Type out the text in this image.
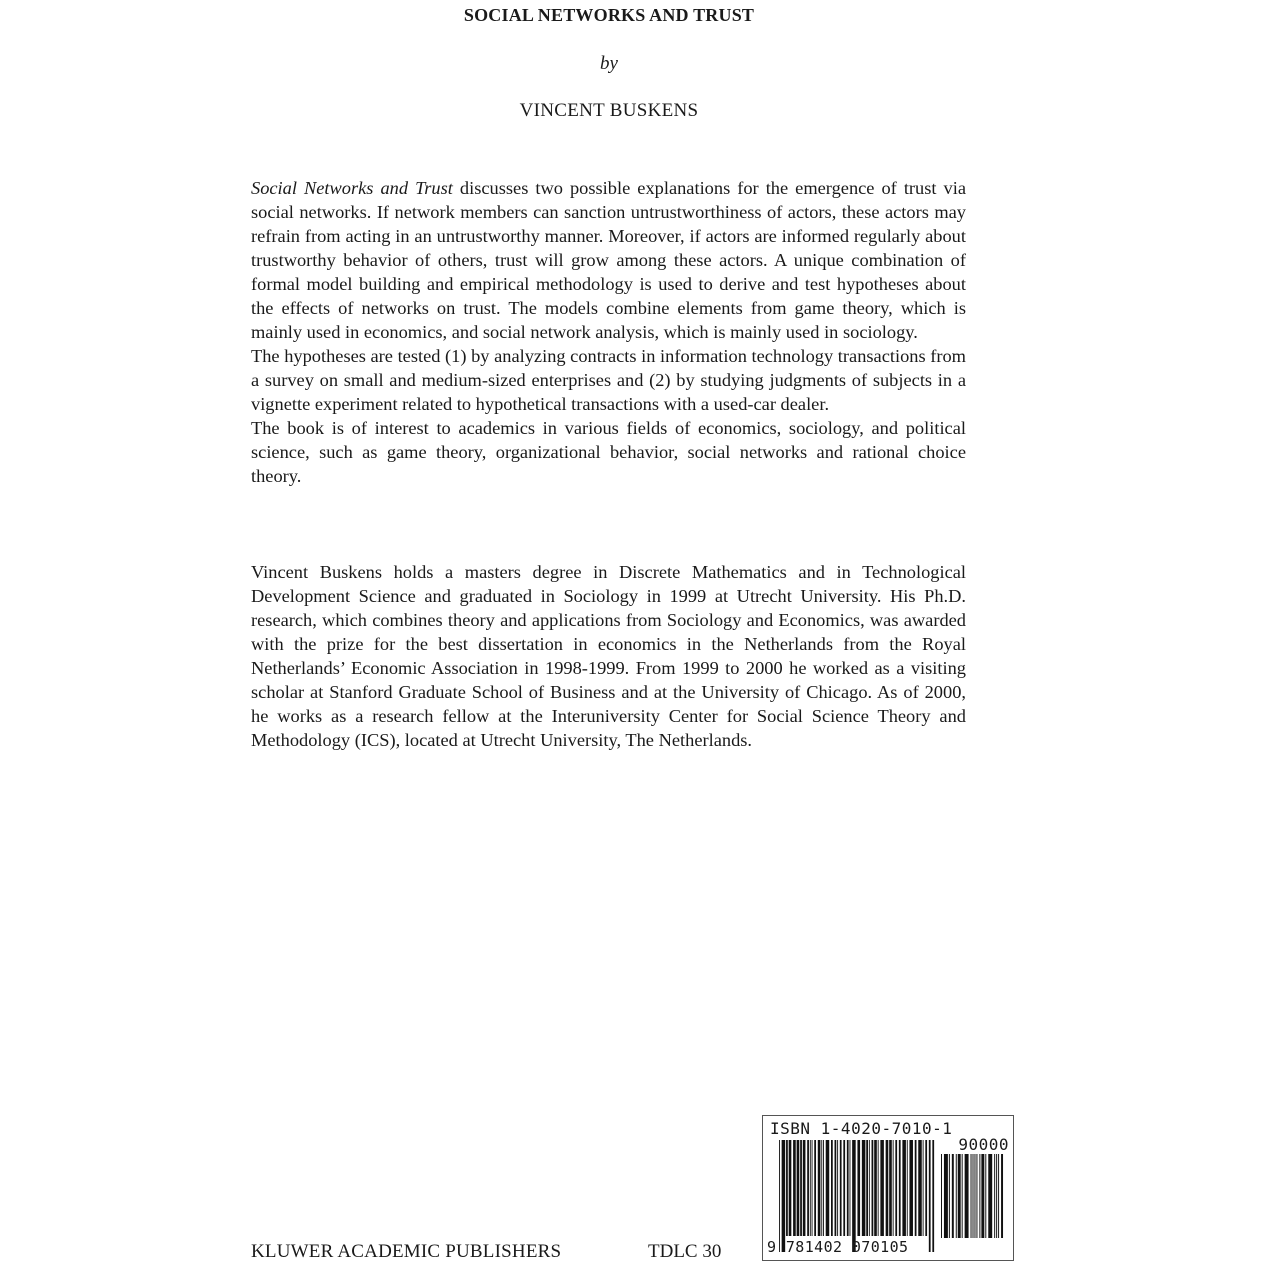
SOCIAL NETWORKS AND TRUST
by
VINCENT BUSKENS

Social Networks and Trust discusses two possible explanations for the emergence of trust via social networks. If network members can sanction untrustworthiness of actors, these actors may refrain from acting in an untrustworthy manner. Moreover, if actors are informed regularly about trustworthy behavior of others, trust will grow among these actors. A unique combination of formal model building and empirical methodology is used to derive and test hypotheses about the effects of networks on trust. The models combine elements from game theory, which is mainly used in economics, and social network analysis, which is mainly used in sociology.

The hypotheses are tested (1) by analyzing contracts in information technology transactions from a survey on small and medium-sized enterprises and (2) by studying judgments of subjects in a vignette experiment related to hypothetical transactions with a used-car dealer.

The book is of interest to academics in various fields of economics, sociology, and political science, such as game theory, organizational behavior, social networks and rational choice theory.

Vincent Buskens holds a masters degree in Discrete Mathematics and in Technological Development Science and graduated in Sociology in 1999 at Utrecht University. His Ph.D. research, which combines theory and applications from Sociology and Economics, was awarded with the prize for the best dissertation in economics in the Netherlands from the Royal Netherlands’ Economic Association in 1998-1999. From 1999 to 2000 he worked as a visiting scholar at Stanford Graduate School of Business and at the University of Chicago. As of 2000, he works as a research fellow at the Interuniversity Center for Social Science Theory and Methodology (ICS), located at Utrecht University, The Netherlands.

KLUWER ACADEMIC PUBLISHERS	TDLC 30
ISBN 1-4020-7010-1
90000
9 781402 070105
